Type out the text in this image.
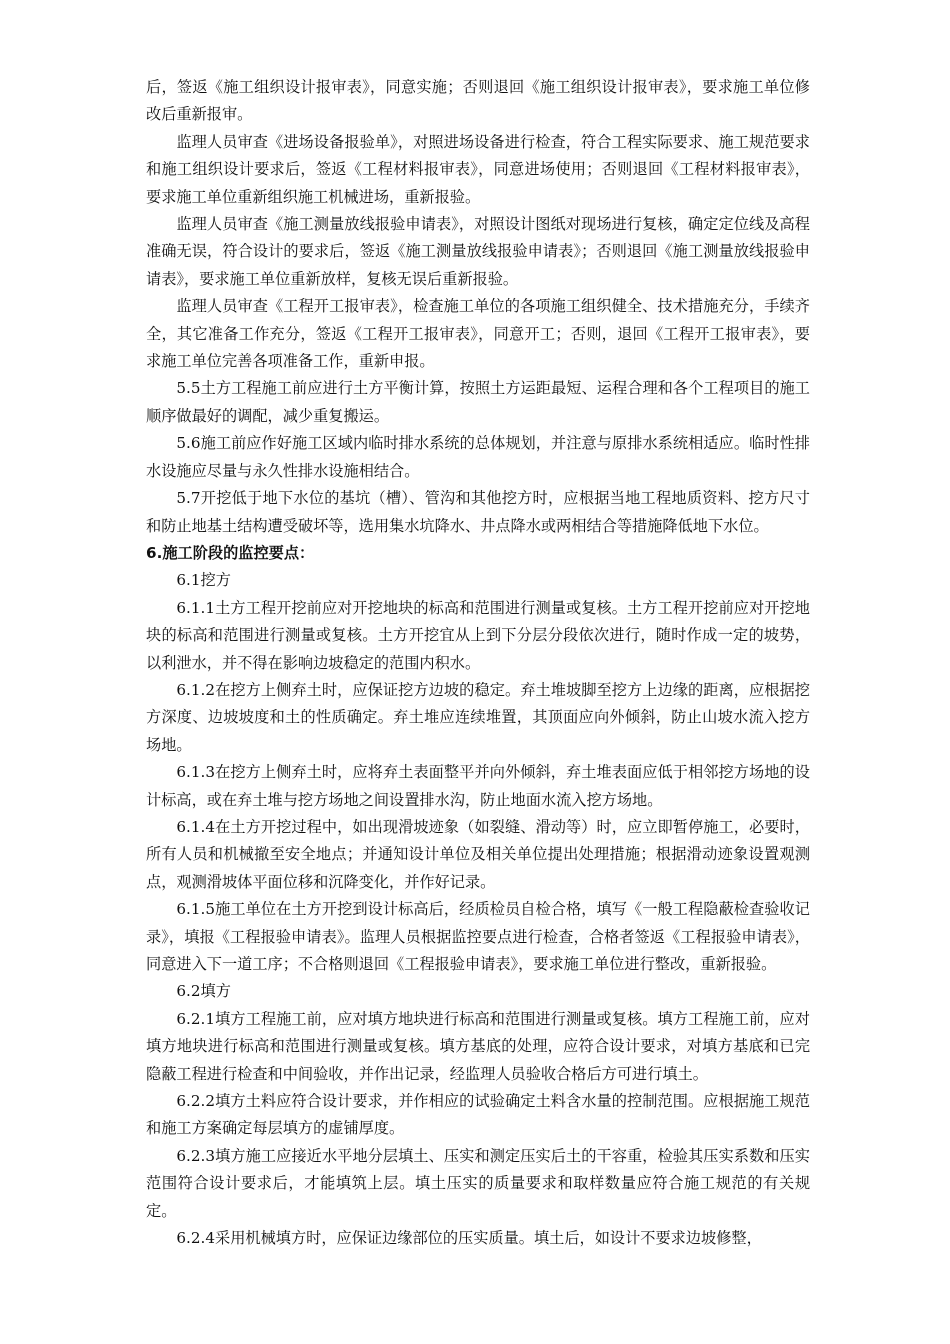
后，签返《施工组织设计报审表》，同意实施；否则退回《施工组织设计报审表》，要求施工单位修改后重新报审。

监理人员审查《进场设备报验单》，对照进场设备进行检查，符合工程实际要求、施工规范要求和施工组织设计要求后，签返《工程材料报审表》，同意进场使用；否则退回《工程材料报审表》，要求施工单位重新组织施工机械进场，重新报验。

监理人员审查《施工测量放线报验申请表》，对照设计图纸对现场进行复核，确定定位线及高程准确无误，符合设计的要求后，签返《施工测量放线报验申请表》；否则退回《施工测量放线报验申请表》，要求施工单位重新放样，复核无误后重新报验。

监理人员审查《工程开工报审表》，检查施工单位的各项施工组织健全、技术措施充分，手续齐全，其它准备工作充分，签返《工程开工报审表》，同意开工；否则，退回《工程开工报审表》，要求施工单位完善各项准备工作，重新申报。

5.5土方工程施工前应进行土方平衡计算，按照土方运距最短、运程合理和各个工程项目的施工顺序做最好的调配，减少重复搬运。

5.6施工前应作好施工区域内临时排水系统的总体规划，并注意与原排水系统相适应。临时性排水设施应尽量与永久性排水设施相结合。

5.7开挖低于地下水位的基坑（槽）、管沟和其他挖方时，应根据当地工程地质资料、挖方尺寸和防止地基土结构遭受破坏等，选用集水坑降水、井点降水或两相结合等措施降低地下水位。

6.施工阶段的监控要点：

6.1挖方

6.1.1土方工程开挖前应对开挖地块的标高和范围进行测量或复核。土方工程开挖前应对开挖地块的标高和范围进行测量或复核。土方开挖宜从上到下分层分段依次进行，随时作成一定的坡势，以利泄水，并不得在影响边坡稳定的范围内积水。

6.1.2在挖方上侧弃土时，应保证挖方边坡的稳定。弃土堆坡脚至挖方上边缘的距离，应根据挖方深度、边坡坡度和土的性质确定。弃土堆应连续堆置，其顶面应向外倾斜，防止山坡水流入挖方场地。

6.1.3在挖方上侧弃土时，应将弃土表面整平并向外倾斜，弃土堆表面应低于相邻挖方场地的设计标高，或在弃土堆与挖方场地之间设置排水沟，防止地面水流入挖方场地。

6.1.4在土方开挖过程中，如出现滑坡迹象（如裂缝、滑动等）时，应立即暂停施工，必要时，所有人员和机械撤至安全地点；并通知设计单位及相关单位提出处理措施；根据滑动迹象设置观测点，观测滑坡体平面位移和沉降变化，并作好记录。

6.1.5施工单位在土方开挖到设计标高后，经质检员自检合格，填写《一般工程隐蔽检查验收记录》，填报《工程报验申请表》。监理人员根据监控要点进行检查，合格者签返《工程报验申请表》，同意进入下一道工序；不合格则退回《工程报验申请表》，要求施工单位进行整改，重新报验。

6.2填方

6.2.1填方工程施工前，应对填方地块进行标高和范围进行测量或复核。填方工程施工前，应对填方地块进行标高和范围进行测量或复核。填方基底的处理，应符合设计要求，对填方基底和已完隐蔽工程进行检查和中间验收，并作出记录，经监理人员验收合格后方可进行填土。

6.2.2填方土料应符合设计要求，并作相应的试验确定土料含水量的控制范围。应根据施工规范和施工方案确定每层填方的虚铺厚度。

6.2.3填方施工应接近水平地分层填土、压实和测定压实后土的干容重，检验其压实系数和压实范围符合设计要求后，才能填筑上层。填土压实的质量要求和取样数量应符合施工规范的有关规定。

6.2.4采用机械填方时，应保证边缘部位的压实质量。填土后，如设计不要求边坡修整，
